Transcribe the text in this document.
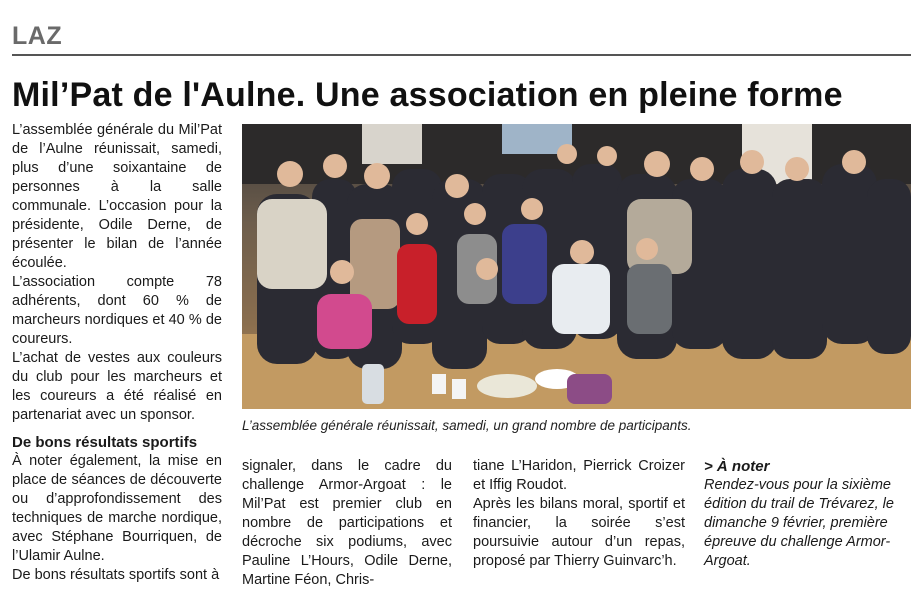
LAZ
Mil’Pat de l'Aulne. Une association en pleine forme

L’assemblée générale du Mil’Pat de l’Aulne réunissait, samedi, plus d’une soixantaine de personnes à la salle communale. L’occasion pour la présidente, Odile Derne, de présenter le bilan de l’année écoulée.

L’association compte 78 adhérents, dont 60 % de marcheurs nordiques et 40 % de coureurs.

L’achat de vestes aux couleurs du club pour les marcheurs et les coureurs a été réalisé en partenariat avec un sponsor.

De bons résultats sportifs

À noter également, la mise en place de séances de découverte ou d’approfondissement des techniques de marche nordique, avec Stéphane Bourriquen, de l’Ulamir Aulne.

De bons résultats sportifs sont à

L’assemblée générale réunissait, samedi, un grand nombre de participants.

signaler, dans le cadre du challenge Armor-Argoat : le Mil’Pat est premier club en nombre de participations et décroche six podiums, avec Pauline L’Hours, Odile Derne, Martine Féon, Chris-

tiane L’Haridon, Pierrick Croizer et Iffig Roudot.

Après les bilans moral, sportif et financier, la soirée s’est poursuivie autour d’un repas, proposé par Thierry Guinvarc’h.

> À noter

Rendez-vous pour la sixième édition du trail de Trévarez, le dimanche 9 février, première épreuve du challenge Armor-Argoat.
